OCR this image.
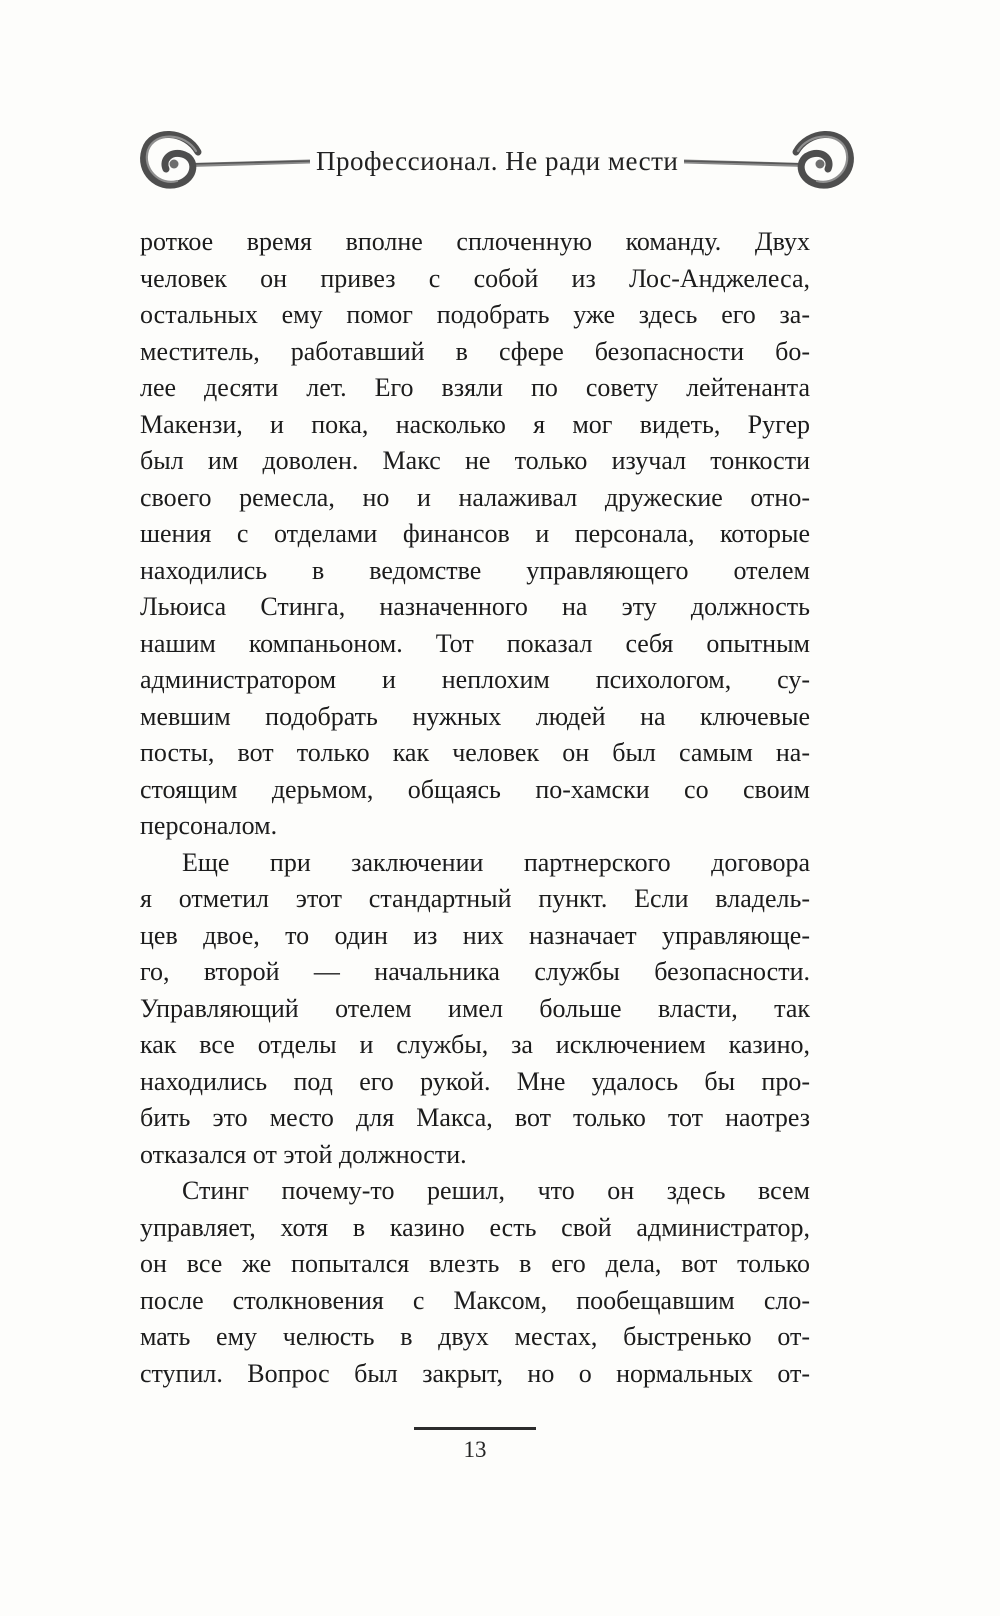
Профессионал. Не ради мести
роткое время вполне сплоченную команду. Двух
человек он привез с собой из Лос-Анджелеса,
остальных ему помог подобрать уже здесь его за-
меститель, работавший в сфере безопасности бо-
лее десяти лет. Его взяли по совету лейтенанта
Макензи, и пока, насколько я мог видеть, Ругер
был им доволен. Макс не только изучал тонкости
своего ремесла, но и налаживал дружеские отно-
шения с отделами финансов и персонала, которые
находились в ведомстве управляющего отелем
Льюиса Стинга, назначенного на эту должность
нашим компаньоном. Тот показал себя опытным
администратором и неплохим психологом, су-
мевшим подобрать нужных людей на ключевые
посты, вот только как человек он был самым на-
стоящим дерьмом, общаясь по-хамски со своим
персоналом.
Еще при заключении партнерского договора
я отметил этот стандартный пункт. Если владель-
цев двое, то один из них назначает управляюще-
го, второй — начальника службы безопасности.
Управляющий отелем имел больше власти, так
как все отделы и службы, за исключением казино,
находились под его рукой. Мне удалось бы про-
бить это место для Макса, вот только тот наотрез
отказался от этой должности.
Стинг почему-то решил, что он здесь всем
управляет, хотя в казино есть свой администратор,
он все же попытался влезть в его дела, вот только
после столкновения с Максом, пообещавшим сло-
мать ему челюсть в двух местах, быстренько от-
ступил. Вопрос был закрыт, но о нормальных от-
13
